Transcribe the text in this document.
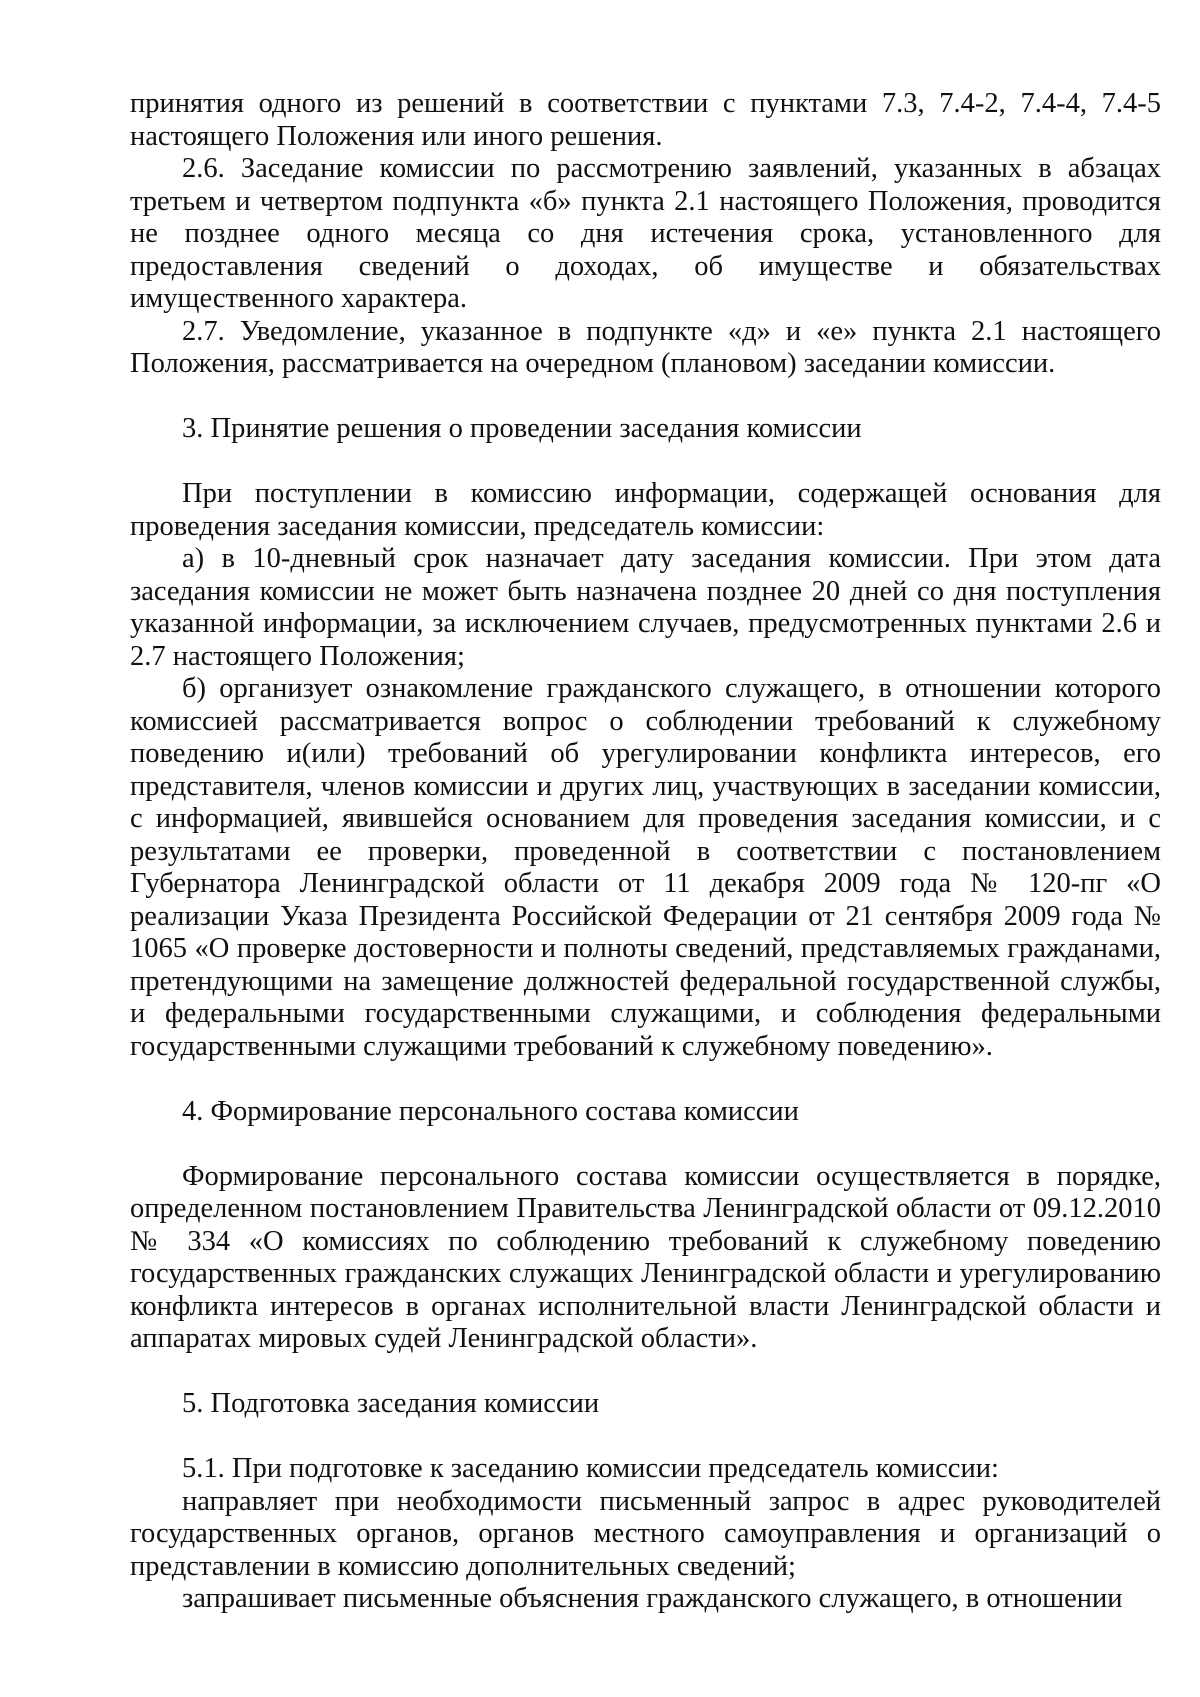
принятия одного из решений в соответствии с пунктами 7.3, 7.4-2, 7.4-4, 7.4-5 настоящего Положения или иного решения.

2.6. Заседание комиссии по рассмотрению заявлений, указанных в абзацах третьем и четвертом подпункта «б» пункта 2.1 настоящего Положения, проводится не позднее одного месяца со дня истечения срока, установленного для предоставления сведений о доходах, об имуществе и обязательствах имущественного характера.

2.7. Уведомление, указанное в подпункте «д» и «е» пункта 2.1 настоящего Положения, рассматривается на очередном (плановом) заседании комиссии.

3. Принятие решения о проведении заседания комиссии

При поступлении в комиссию информации, содержащей основания для проведения заседания комиссии, председатель комиссии:

а) в 10-дневный срок назначает дату заседания комиссии. При этом дата заседания комиссии не может быть назначена позднее 20 дней со дня поступления указанной информации, за исключением случаев, предусмотренных пунктами 2.6 и 2.7 настоящего Положения;

б) организует ознакомление гражданского служащего, в отношении которого комиссией рассматривается вопрос о соблюдении требований к служебному поведению и(или) требований об урегулировании конфликта интересов, его представителя, членов комиссии и других лиц, участвующих в заседании комиссии, с информацией, явившейся основанием для проведения заседания комиссии, и с результатами ее проверки, проведенной в соответствии с постановлением Губернатора Ленинградской области от 11 декабря 2009 года № 120-пг «О реализации Указа Президента Российской Федерации от 21 сентября 2009 года № 1065 «О проверке достоверности и полноты сведений, представляемых гражданами, претендующими на замещение должностей федеральной государственной службы, и федеральными государственными служащими, и соблюдения федеральными государственными служащими требований к служебному поведению».

4. Формирование персонального состава комиссии

Формирование персонального состава комиссии осуществляется в порядке, определенном постановлением Правительства Ленинградской области от 09.12.2010 № 334 «О комиссиях по соблюдению требований к служебному поведению государственных гражданских служащих Ленинградской области и урегулированию конфликта интересов в органах исполнительной власти Ленинградской области и аппаратах мировых судей Ленинградской области».

5. Подготовка заседания комиссии

5.1. При подготовке к заседанию комиссии председатель комиссии:

направляет при необходимости письменный запрос в адрес руководителей государственных органов, органов местного самоуправления и организаций о представлении в комиссию дополнительных сведений;

запрашивает письменные объяснения гражданского служащего, в отношении
